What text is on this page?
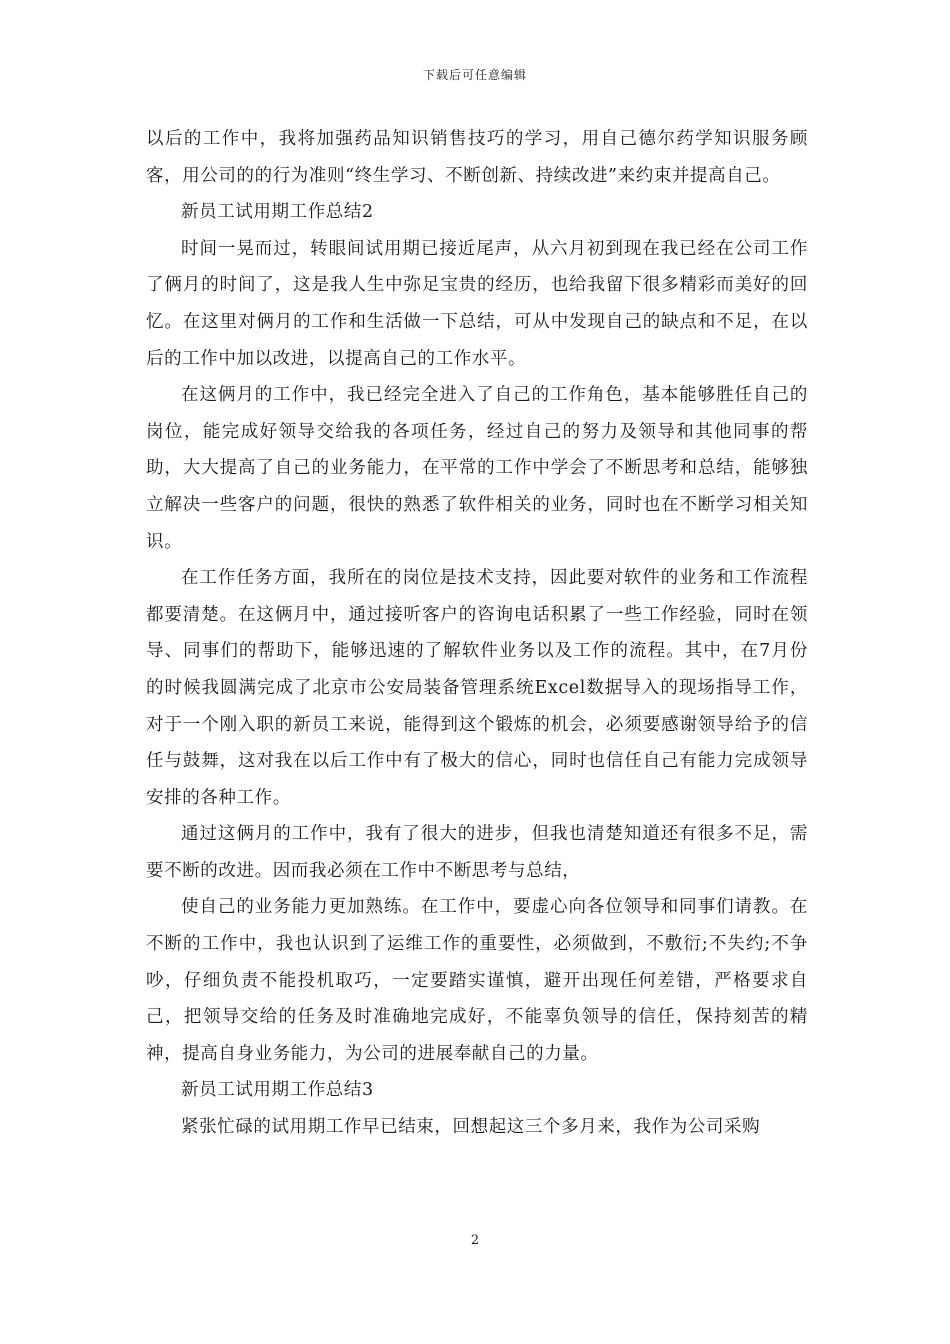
下载后可任意编辑

以后的工作中，我将加强药品知识销售技巧的学习，用自己德尔药学知识服务顾客，用公司的的行为准则“终生学习、不断创新、持续改进”来约束并提高自己。

新员工试用期工作总结2

时间一晃而过，转眼间试用期已接近尾声，从六月初到现在我已经在公司工作了俩月的时间了，这是我人生中弥足宝贵的经历，也给我留下很多精彩而美好的回忆。在这里对俩月的工作和生活做一下总结，可从中发现自己的缺点和不足，在以后的工作中加以改进，以提高自己的工作水平。

在这俩月的工作中，我已经完全进入了自己的工作角色，基本能够胜任自己的岗位，能完成好领导交给我的各项任务，经过自己的努力及领导和其他同事的帮助，大大提高了自己的业务能力，在平常的工作中学会了不断思考和总结，能够独立解决一些客户的问题，很快的熟悉了软件相关的业务，同时也在不断学习相关知识。

在工作任务方面，我所在的岗位是技术支持，因此要对软件的业务和工作流程都要清楚。在这俩月中，通过接听客户的咨询电话积累了一些工作经验，同时在领导、同事们的帮助下，能够迅速的了解软件业务以及工作的流程。其中，在7月份的时候我圆满完成了北京市公安局装备管理系统Excel数据导入的现场指导工作，对于一个刚入职的新员工来说，能得到这个锻炼的机会，必须要感谢领导给予的信任与鼓舞，这对我在以后工作中有了极大的信心，同时也信任自己有能力完成领导安排的各种工作。

通过这俩月的工作中，我有了很大的进步，但我也清楚知道还有很多不足，需要不断的改进。因而我必须在工作中不断思考与总结，

使自己的业务能力更加熟练。在工作中，要虚心向各位领导和同事们请教。在不断的工作中，我也认识到了运维工作的重要性，必须做到，不敷衍;不失约;不争吵，仔细负责不能投机取巧，一定要踏实谨慎，避开出现任何差错，严格要求自己，把领导交给的任务及时准确地完成好，不能辜负领导的信任，保持刻苦的精神，提高自身业务能力，为公司的进展奉献自己的力量。

新员工试用期工作总结3

紧张忙碌的试用期工作早已结束，回想起这三个多月来，我作为公司采购

2
